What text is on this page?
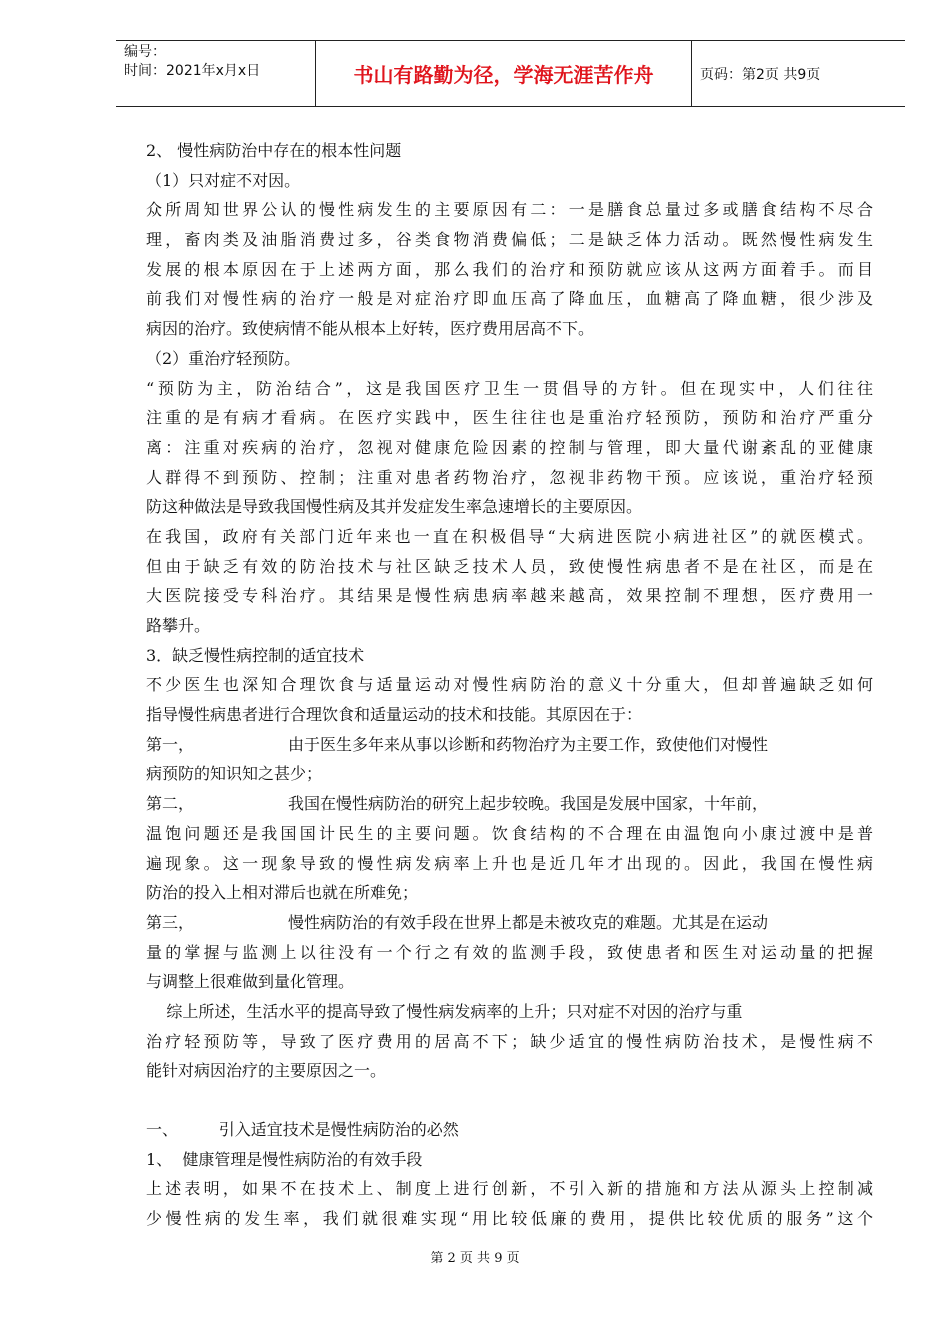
编号：
时间：2021年x月x日	书山有路勤为径，学海无涯苦作舟	页码：第2页 共9页
2、 慢性病防治中存在的根本性问题
（1）只对症不对因。
众所周知世界公认的慢性病发生的主要原因有二：一是膳食总量过多或膳食结构不尽合
理，畜肉类及油脂消费过多，谷类食物消费偏低；二是缺乏体力活动。既然慢性病发生
发展的根本原因在于上述两方面，那么我们的治疗和预防就应该从这两方面着手。而目
前我们对慢性病的治疗一般是对症治疗即血压高了降血压，血糖高了降血糖，很少涉及
病因的治疗。致使病情不能从根本上好转，医疗费用居高不下。
（2）重治疗轻预防。
“预防为主，防治结合”，这是我国医疗卫生一贯倡导的方针。但在现实中，人们往往
注重的是有病才看病。在医疗实践中，医生往往也是重治疗轻预防，预防和治疗严重分
离：注重对疾病的治疗，忽视对健康危险因素的控制与管理，即大量代谢紊乱的亚健康
人群得不到预防、控制；注重对患者药物治疗，忽视非药物干预。应该说，重治疗轻预
防这种做法是导致我国慢性病及其并发症发生率急速增长的主要原因。
在我国，政府有关部门近年来也一直在积极倡导“大病进医院小病进社区”的就医模式。
但由于缺乏有效的防治技术与社区缺乏技术人员，致使慢性病患者不是在社区，而是在
大医院接受专科治疗。其结果是慢性病患病率越来越高，效果控制不理想，医疗费用一
路攀升。
3．缺乏慢性病控制的适宜技术
不少医生也深知合理饮食与适量运动对慢性病防治的意义十分重大，但却普遍缺乏如何
指导慢性病患者进行合理饮食和适量运动的技术和技能。其原因在于：
第一，	由于医生多年来从事以诊断和药物治疗为主要工作，致使他们对慢性
病预防的知识知之甚少；
第二，	我国在慢性病防治的研究上起步较晚。我国是发展中国家，十年前，
温饱问题还是我国国计民生的主要问题。饮食结构的不合理在由温饱向小康过渡中是普
遍现象。这一现象导致的慢性病发病率上升也是近几年才出现的。因此，我国在慢性病
防治的投入上相对滞后也就在所难免；
第三，	慢性病防治的有效手段在世界上都是未被攻克的难题。尤其是在运动
量的掌握与监测上以往没有一个行之有效的监测手段，致使患者和医生对运动量的把握
与调整上很难做到量化管理。
综上所述，生活水平的提高导致了慢性病发病率的上升；只对症不对因的治疗与重
治疗轻预防等，导致了医疗费用的居高不下；缺少适宜的慢性病防治技术，是慢性病不
能针对病因治疗的主要原因之一。
一、        引入适宜技术是慢性病防治的必然
1、  健康管理是慢性病防治的有效手段
上述表明，如果不在技术上、制度上进行创新，不引入新的措施和方法从源头上控制减
少慢性病的发生率，我们就很难实现“用比较低廉的费用，提供比较优质的服务”这个
第 2 页 共 9 页
